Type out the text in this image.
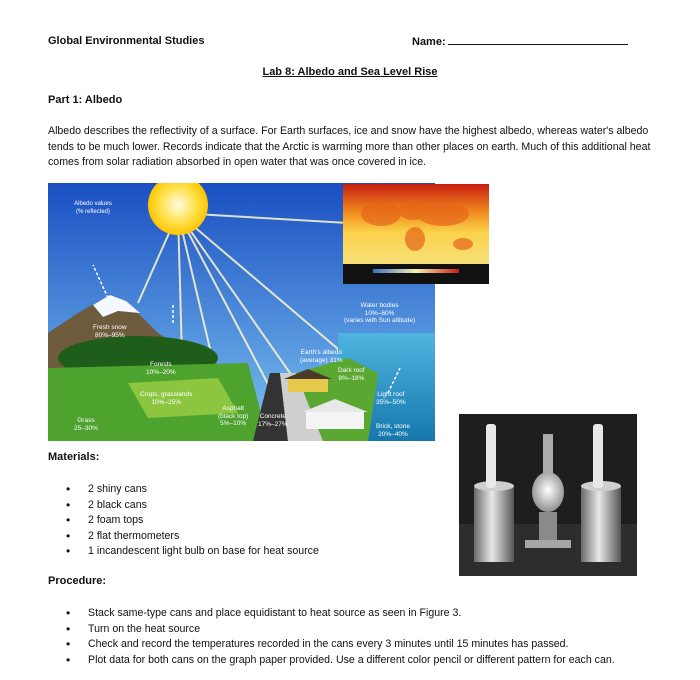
Global Environmental Studies	Name:
Lab 8: Albedo and Sea Level Rise
Part 1: Albedo
Albedo describes the reflectivity of a surface. For Earth surfaces, ice and snow have the highest albedo, whereas water's albedo tends to be much lower. Records indicate that the Arctic is warming more than other places on earth. Much of this additional heat comes from solar radiation absorbed in open water that was once covered in ice.
Albedo values
(% reflected)
Fresh snow
80%–95%
Forests
10%–20%
Crops, grasslands
10%–25%
Grass
25–30%
Asphalt
(black top)
5%–10%
Concrete
17%–27%
Earth's albedo
(average) 31%
Dark roof
8%–18%
Light roof
35%–50%
Brick, stone
20%–40%
Water bodies
10%–60%
(varies with Sun altitude)
Materials:
• 2 shiny cans
• 2 black cans
• 2 foam tops
• 2 flat thermometers
• 1 incandescent light bulb on base for heat source
Figure 3
Procedure:
• Stack same-type cans and place equidistant to heat source as seen in Figure 3.
• Turn on the heat source
• Check and record the temperatures recorded in the cans every 3 minutes until 15 minutes has passed.
• Plot data for both cans on the graph paper provided. Use a different color pencil or different pattern for each can.
